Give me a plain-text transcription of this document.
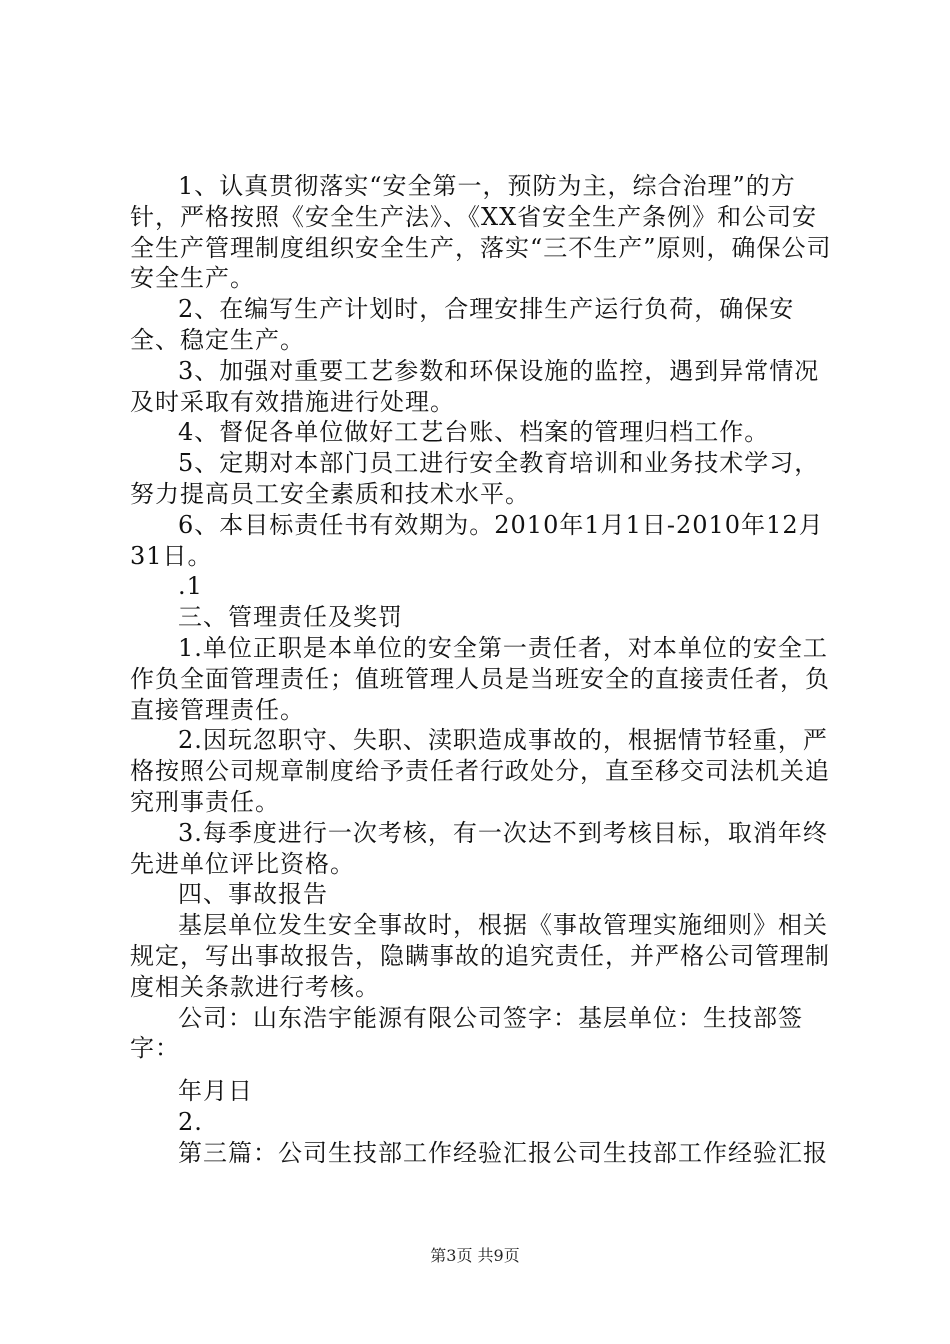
1、认真贯彻落实“安全第一，预防为主，综合治理”的方针，严格按照《安全生产法》、《XX省安全生产条例》和公司安全生产管理制度组织安全生产，落实“三不生产”原则，确保公司安全生产。

2、在编写生产计划时，合理安排生产运行负荷，确保安全、稳定生产。

3、加强对重要工艺参数和环保设施的监控，遇到异常情况及时采取有效措施进行处理。

4、督促各单位做好工艺台账、档案的管理归档工作。

5、定期对本部门员工进行安全教育培训和业务技术学习，努力提高员工安全素质和技术水平。

6、本目标责任书有效期为。2010年1月1日-2010年12月31日。

.1

三、管理责任及奖罚

1.单位正职是本单位的安全第一责任者，对本单位的安全工作负全面管理责任；值班管理人员是当班安全的直接责任者，负直接管理责任。

2.因玩忽职守、失职、渎职造成事故的，根据情节轻重，严格按照公司规章制度给予责任者行政处分，直至移交司法机关追究刑事责任。

3.每季度进行一次考核，有一次达不到考核目标，取消年终先进单位评比资格。

四、事故报告

基层单位发生安全事故时，根据《事故管理实施细则》相关规定，写出事故报告，隐瞒事故的追究责任，并严格公司管理制度相关条款进行考核。

公司：山东浩宇能源有限公司签字：基层单位：生技部签字：

年月日

2.

第三篇：公司生技部工作经验汇报公司生技部工作经验汇报

第3页 共9页
